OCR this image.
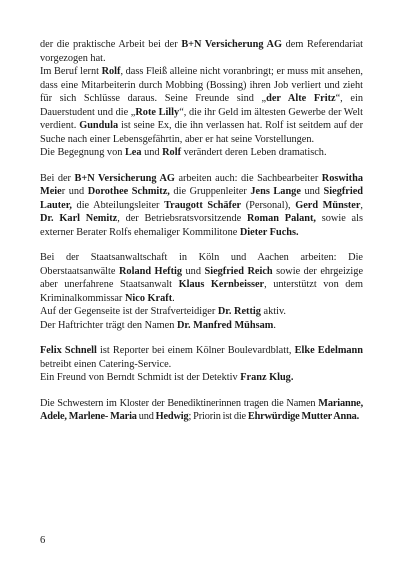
der die praktische Arbeit bei der B+N Versicherung AG dem Referendariat vorgezogen hat.

Im Beruf lernt Rolf, dass Fleiß alleine nicht voranbringt; er muss mit ansehen, dass eine Mitarbeiterin durch Mobbing (Bossing) ihren Job verliert und zieht für sich Schlüsse daraus. Seine Freunde sind „der Alte Fritz“, ein Dauerstudent und die „Rote Lilly“, die ihr Geld im ältesten Gewerbe der Welt verdient. Gundula ist seine Ex, die ihn verlassen hat. Rolf ist seitdem auf der Suche nach einer Lebensgefährtin, aber er hat seine Vorstellungen.

Die Begegnung von Lea und Rolf verändert deren Leben dramatisch.

Bei der B+N Versicherung AG arbeiten auch: die Sachbearbeiter Roswitha Meier und Dorothee Schmitz, die Gruppenleiter Jens Lange und Siegfried Lauter, die Abteilungsleiter Traugott Schäfer (Personal), Gerd Münster, Dr. Karl Nemitz, der Betriebsratsvorsitzende Roman Palant, sowie als externer Berater Rolfs ehemaliger Kommilitone Dieter Fuchs.

Bei der Staatsanwaltschaft in Köln und Aachen arbeiten: Die Oberstaatsanwälte Roland Heftig und Siegfried Reich sowie der ehrgeizige aber unerfahrene Staatsanwalt Klaus Kernbeisser, unterstützt von dem Kriminalkommissar Nico Kraft.

Auf der Gegenseite ist der Strafverteidiger Dr. Rettig aktiv.

Der Haftrichter trägt den Namen Dr. Manfred Mühsam.

Felix Schnell ist Reporter bei einem Kölner Boulevardblatt, Elke Edelmann betreibt einen Catering-Service.

Ein Freund von Berndt Schmidt ist der Detektiv Franz Klug.

Die Schwestern im Kloster der Benediktinerinnen tragen die Namen Marianne, Adele, Marlene- Maria und Hedwig; Priorin ist die Ehrwürdige Mutter Anna.

6
